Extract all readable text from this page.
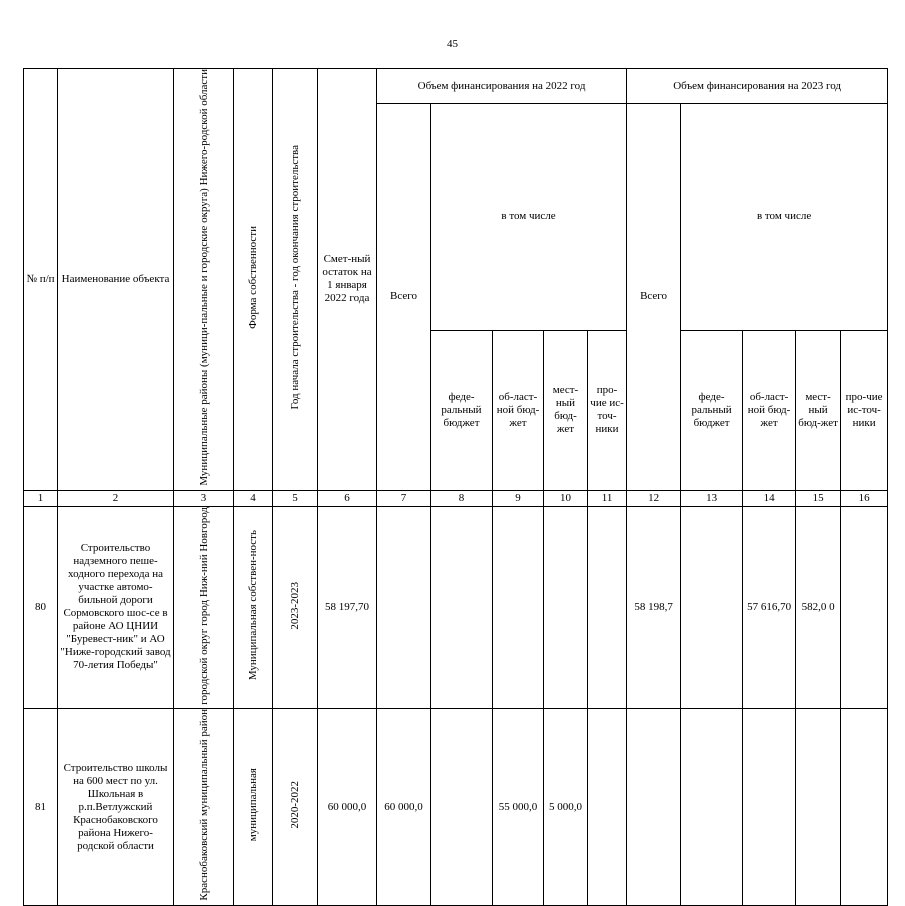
45
№ п/п	Наименование объекта	Муниципальные районы (муници-пальные и городские округа) Нижего-родской области	Форма собственности	Год начала строительства - год окончания строительства	Смет-ный остаток на 1 января 2022 года	Объем финансирования на 2022 год					Объем финансирования на 2023 год				
						Всего	в том числе				Всего	в том числе			
							феде-ральный бюджет	об-ласт-ной бюд-жет	мест-ный бюд-жет	про-чие ис-точ-ники		феде-ральный бюджет	об-ласт-ной бюд-жет	мест-ный бюд-жет	про-чие ис-точ-ники
1	2	3	4	5	6	7	8	9	10	11	12	13	14	15	16
80	Строительство надземного пеше-ходного перехода на участке автомо-бильной дороги Сормовского шос-се в районе АО ЦНИИ "Буревест-ник" и АО "Ниже-городский завод 70-летия Победы"	городской округ город Ниж-ний Новгород	Муниципальная собствен-ность	2023-2023	58 197,70						58 198,7		57 616,70	582,0 0	
81	Строительство школы на 600 мест по ул. Школьная в р.п.Ветлужский Краснобаковского района Нижего-родской области	Краснобаковский муниципальный район	муниципальная	2020-2022	60 000,0	60 000,0		55 000,0	5 000,0						
